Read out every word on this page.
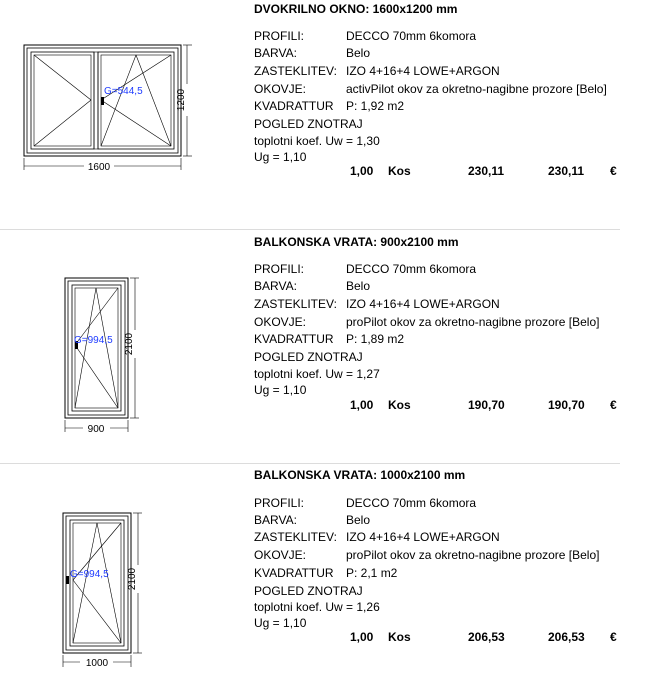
G=544,5
1600
1200
DVOKRILNO OKNO: 1600x1200 mm
PROFILI:	DECCO 70mm 6komora
BARVA:	Belo
ZASTEKLITEV: IZO 4+16+4 LOWE+ARGON
OKOVJE:	activPilot okov za okretno-nagibne prozore [Belo]
KVADRATTUR P: 1,92 m2
POGLED ZNOTRAJ
toplotni koef. Uw = 1,30
Ug = 1,10
1,00 Kos	230,11	230,11 €
G=994,5
900
2100
BALKONSKA VRATA: 900x2100 mm
PROFILI:	DECCO 70mm 6komora
BARVA:	Belo
ZASTEKLITEV: IZO 4+16+4 LOWE+ARGON
OKOVJE:	proPilot okov za okretno-nagibne prozore [Belo]
KVADRATTUR P: 1,89 m2
POGLED ZNOTRAJ
toplotni koef. Uw = 1,27
Ug = 1,10
1,00 Kos	190,70	190,70 €
G=994,5
1000
2100
BALKONSKA VRATA: 1000x2100 mm
PROFILI:	DECCO 70mm 6komora
BARVA:	Belo
ZASTEKLITEV: IZO 4+16+4 LOWE+ARGON
OKOVJE:	proPilot okov za okretno-nagibne prozore [Belo]
KVADRATTUR P: 2,1 m2
POGLED ZNOTRAJ
toplotni koef. Uw = 1,26
Ug = 1,10
1,00 Kos	206,53	206,53 €
